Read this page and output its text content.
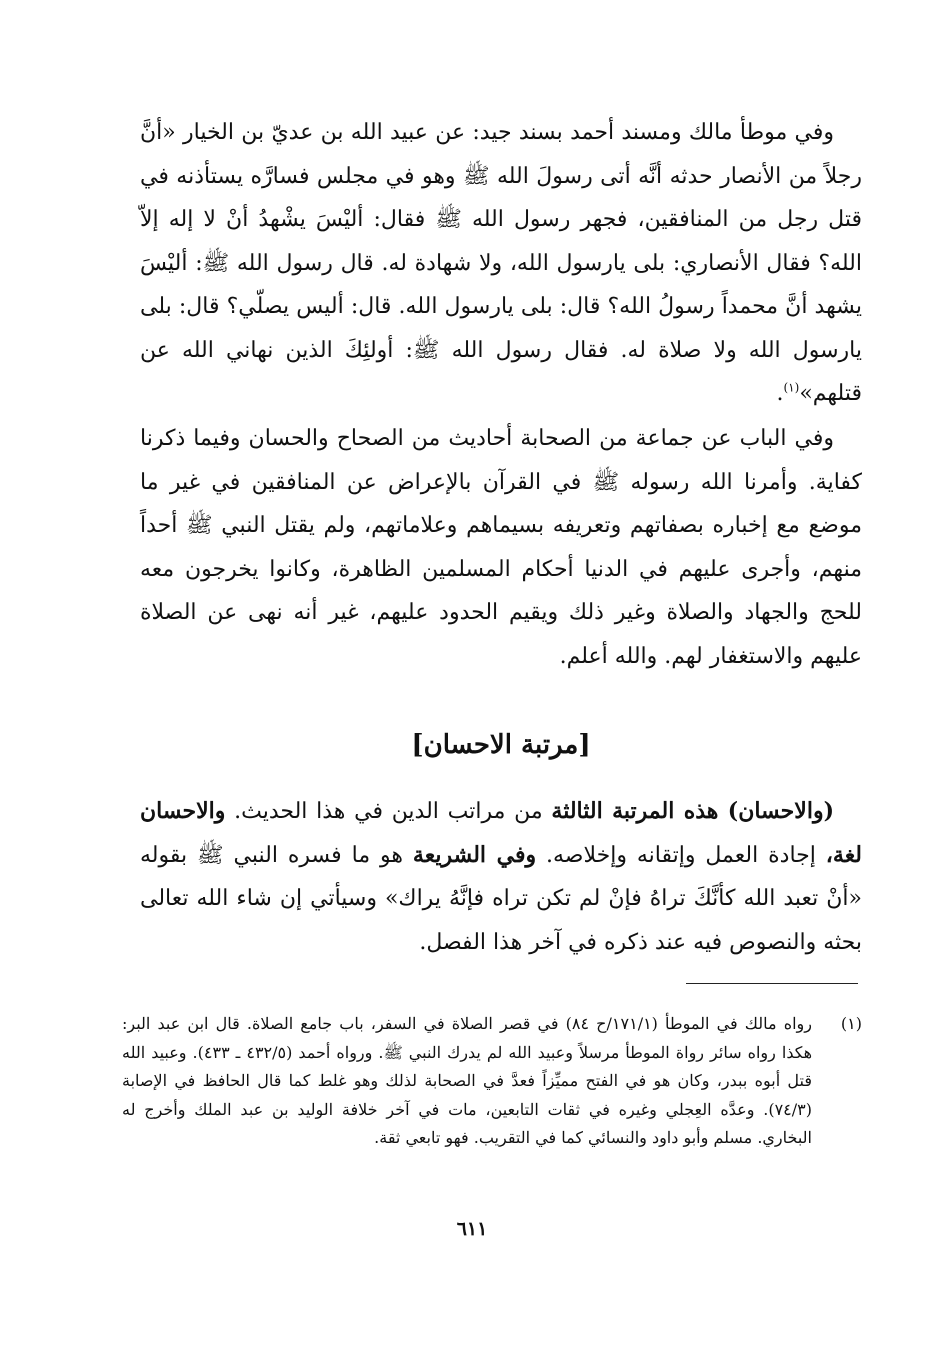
وفي موطأ مالك ومسند أحمد بسند جيد: عن عبيد الله بن عديّ بن الخيار «أنَّ رجلاً من الأنصار حدثه أنَّه أتى رسولَ الله ﷺ وهو في مجلس فسارَّه يستأذنه في قتل رجل من المنافقين، فجهر رسول الله ﷺ فقال: أليْسَ يشْهدُ أنْ لا إله إلاّ الله؟ فقال الأنصاري: بلى يارسول الله، ولا شهادة له. قال رسول الله ﷺ: أليْسَ يشهد أنَّ محمداً رسولُ الله؟ قال: بلى يارسول الله. قال: أليس يصلّي؟ قال: بلى يارسول الله ولا صلاة له. فقال رسول الله ﷺ: أولئِكَ الذين نهاني الله عن قتلهم»$^{(١)}$.

وفي الباب عن جماعة من الصحابة أحاديث من الصحاح والحسان وفيما ذكرنا كفاية. وأمرنا الله رسوله ﷺ في القرآن بالإعراض عن المنافقين في غير ما موضع مع إخباره بصفاتهم وتعريفه بسيماهم وعلاماتهم، ولم يقتل النبي ﷺ أحداً منهم، وأجرى عليهم في الدنيا أحكام المسلمين الظاهرة، وكانوا يخرجون معه للحج والجهاد والصلاة وغير ذلك ويقيم الحدود عليهم، غير أنه نهى عن الصلاة عليهم والاستغفار لهم. والله أعلم.

[مرتبة الاحسان]

(والاحسان) هذه المرتبة الثالثة من مراتب الدين في هذا الحديث. والاحسان لغة، إجادة العمل وإتقانه وإخلاصه. وفي الشريعة هو ما فسره النبي ﷺ بقوله «أنْ تعبد الله كأنَّكَ تراهُ فإنْ لم تكن تراه فإنَّهُ يراك» وسيأتي إن شاء الله تعالى بحثه والنصوص فيه عند ذكره في آخر هذا الفصل.

(١)
رواه مالك في الموطأ (١٧١/١/ح ٨٤) في قصر الصلاة في السفر، باب جامع الصلاة. قال ابن عبد البر: هكذا رواه سائر رواة الموطأ مرسلاً وعبيد الله لم يدرك النبي ﷺ. ورواه أحمد (٤٣٢/٥ ـ ٤٣٣). وعبيد الله قتل أبوه ببدر، وكان هو في الفتح مميِّزاً فعدَّ في الصحابة لذلك وهو غلط كما قال الحافظ في الإصابة (٧٤/٣). وعدَّه العِجلي وغيره في ثقات التابعين، مات في آخر خلافة الوليد بن عبد الملك وأخرج له البخاري. مسلم وأبو داود والنسائي كما في التقريب. فهو تابعي ثقة.
٦١١
